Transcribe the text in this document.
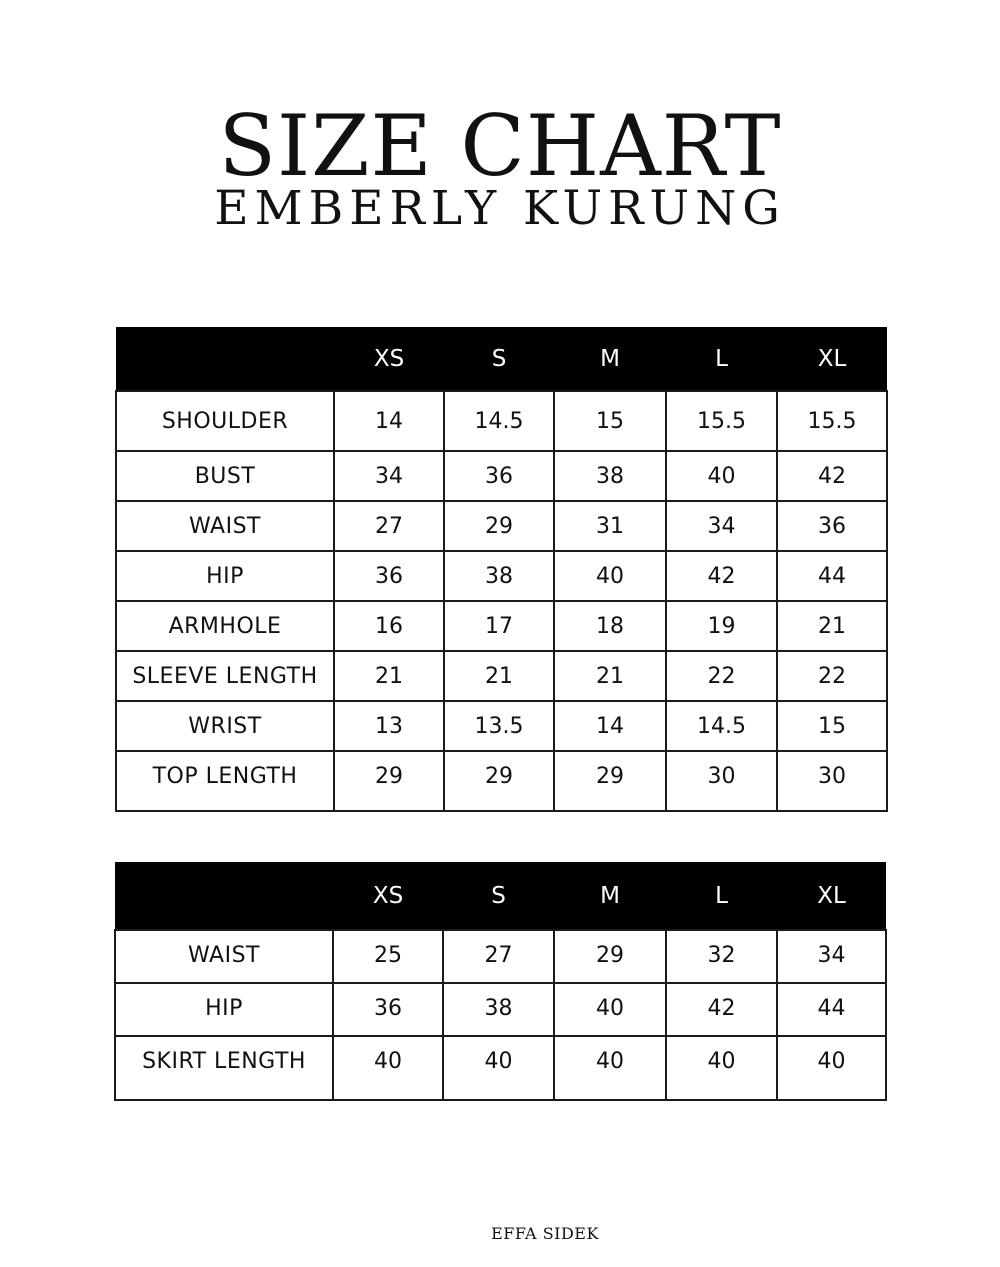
SIZE CHART
EMBERLY KURUNG
	XS	S	M	L	XL

SHOULDER	14	14.5	15	15.5	15.5

BUST	34	36	38	40	42

WAIST	27	29	31	34	36

HIP	36	38	40	42	44

ARMHOLE	16	17	18	19	21

SLEEVE LENGTH	21	21	21	22	22

WRIST	13	13.5	14	14.5	15

TOP LENGTH	29	29	29	30	30
	XS	S	M	L	XL

WAIST	25	27	29	32	34

HIP	36	38	40	42	44

SKIRT LENGTH	40	40	40	40	40

EFFA SIDEK
